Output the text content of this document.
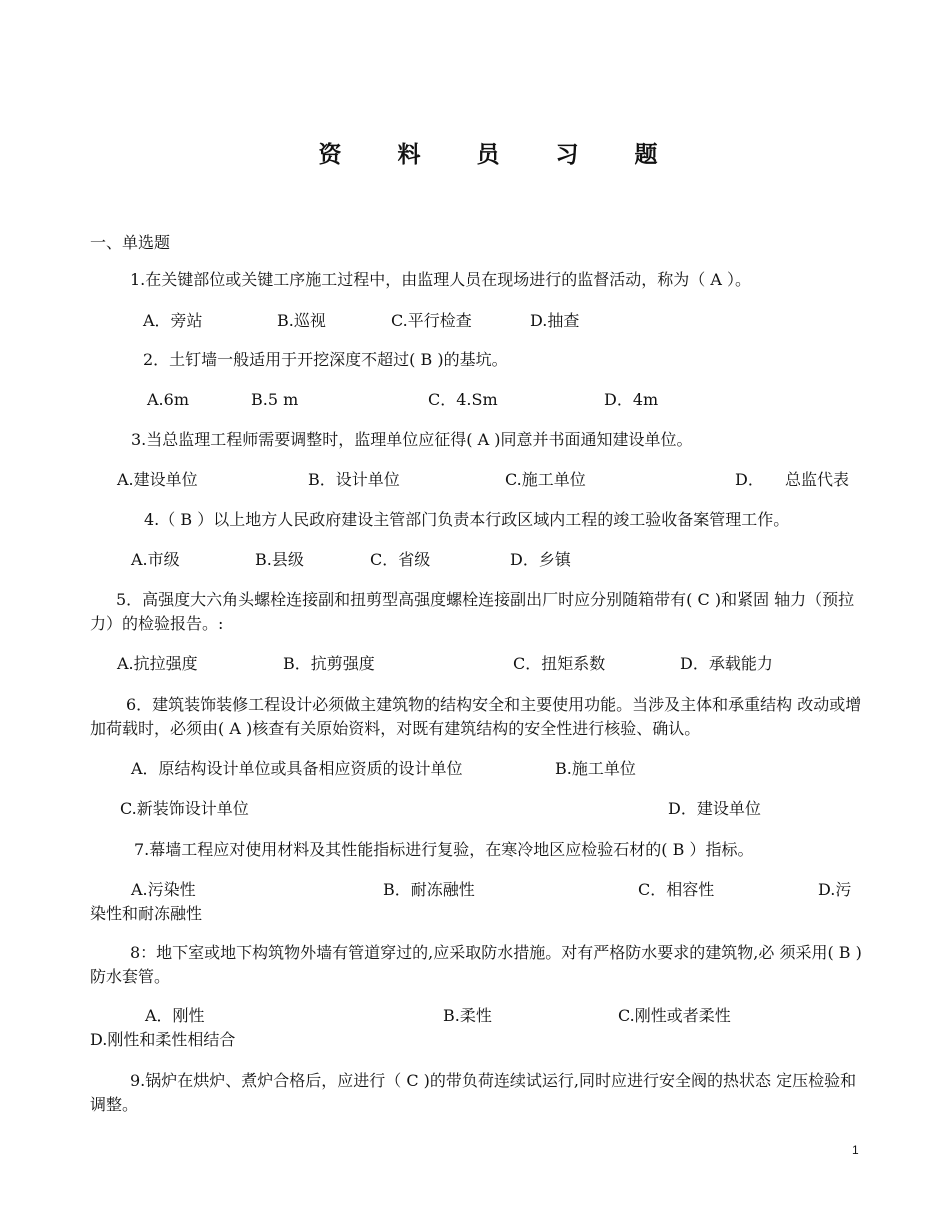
资 料 员 习 题
一、单选题
1.在关键部位或关键工序施工过程中，由监理人员在现场进行的监督活动，称为（ A ）。
A．旁站	B.巡视	C.平行检查	D.抽查
2．土钉墙一般适用于开挖深度不超过( B )的基坑。
A.6m	B.5 m	C．4.Sm	D．4m
3.当总监理工程师需要调整时，监理单位应征得( A )同意并书面通知建设单位。
A.建设单位	B．设计单位	C.施工单位	D． 总监代表
4.（ B ）以上地方人民政府建设主管部门负责本行政区域内工程的竣工验收备案管理工作。
A.市级	B.县级	C．省级	D．乡镇
5．高强度大六角头螺栓连接副和扭剪型高强度螺栓连接副出厂时应分别随箱带有( C )和紧固 轴力（预拉力）的检验报告。:
A.抗拉强度	B．抗剪强度	C．扭矩系数	D．承载能力
6．建筑装饰装修工程设计必须做主建筑物的结构安全和主要使用功能。当涉及主体和承重结构 改动或增加荷载时，必须由( A )核查有关原始资料，对既有建筑结构的安全性进行核验、确认。
A．原结构设计单位或具备相应资质的设计单位	B.施工单位
C.新装饰设计单位	D．建设单位
7.幕墙工程应对使用材料及其性能指标进行复验，在寒冷地区应检验石材的( B ）指标。
A.污染性	B．耐冻融性	C．相容性	D.污
染性和耐冻融性
8：地下室或地下构筑物外墙有管道穿过的,应采取防水措施。对有严格防水要求的建筑物,必 须采用( B )防水套管。
A．刚性	B.柔性	C.刚性或者柔性
D.刚性和柔性相结合
9.锅炉在烘炉、煮炉合格后，应进行（ C )的带负荷连续试运行,同时应进行安全阀的热状态 定压检验和调整。
1
